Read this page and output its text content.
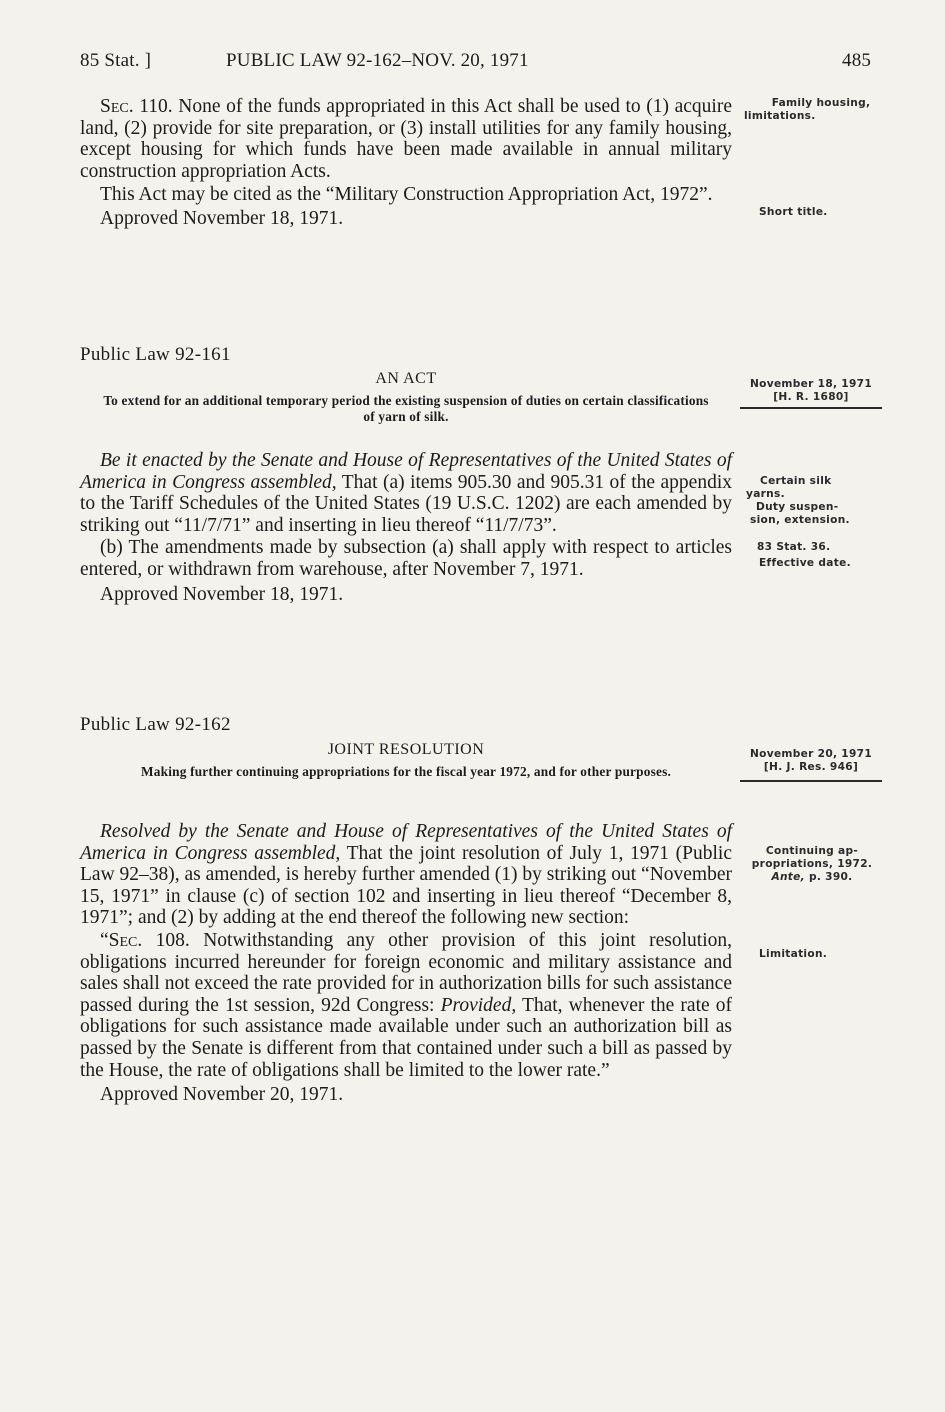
85 Stat. ]	PUBLIC LAW 92-162–NOV. 20, 1971	485

Sec. 110. None of the funds appropriated in this Act shall be used to (1) acquire land, (2) provide for site preparation, or (3) install utilities for any family housing, except housing for which funds have been made available in annual military construction appropriation Acts.

This Act may be cited as the “Military Construction Appropriation Act, 1972”.

Approved November 18, 1971.

Public Law 92-161
AN ACT
To extend for an additional temporary period the existing suspension of duties on certain classifications of yarn of silk.

Be it enacted by the Senate and House of Representatives of the United States of America in Congress assembled, That (a) items 905.30 and 905.31 of the appendix to the Tariff Schedules of the United States (19 U.S.C. 1202) are each amended by striking out “11/7/71” and inserting in lieu thereof “11/7/73”.

(b) The amendments made by subsection (a) shall apply with respect to articles entered, or withdrawn from warehouse, after November 7, 1971.

Approved November 18, 1971.

Public Law 92-162
JOINT RESOLUTION
Making further continuing appropriations for the fiscal year 1972, and for other purposes.

Resolved by the Senate and House of Representatives of the United States of America in Congress assembled, That the joint resolution of July 1, 1971 (Public Law 92–38), as amended, is hereby further amended (1) by striking out “November 15, 1971” in clause (c) of section 102 and inserting in lieu thereof “December 8, 1971”; and (2) by adding at the end thereof the following new section:

“Sec. 108. Notwithstanding any other provision of this joint resolution, obligations incurred hereunder for foreign economic and military assistance and sales shall not exceed the rate provided for in authorization bills for such assistance passed during the 1st session, 92d Congress: Provided, That, whenever the rate of obligations for such assistance made available under such an authorization bill as passed by the Senate is different from that contained under such a bill as passed by the House, the rate of obligations shall be limited to the lower rate.”

Approved November 20, 1971.

Family housing,
limitations.
Short title.
November 18, 1971
[H. R. 1680]
Certain silk
yarns.
Duty suspen-
sion, extension.
83 Stat. 36.
Effective date.
November 20, 1971
[H. J. Res. 946]
Continuing ap-
propriations, 1972.
Ante, p. 390.
Limitation.
